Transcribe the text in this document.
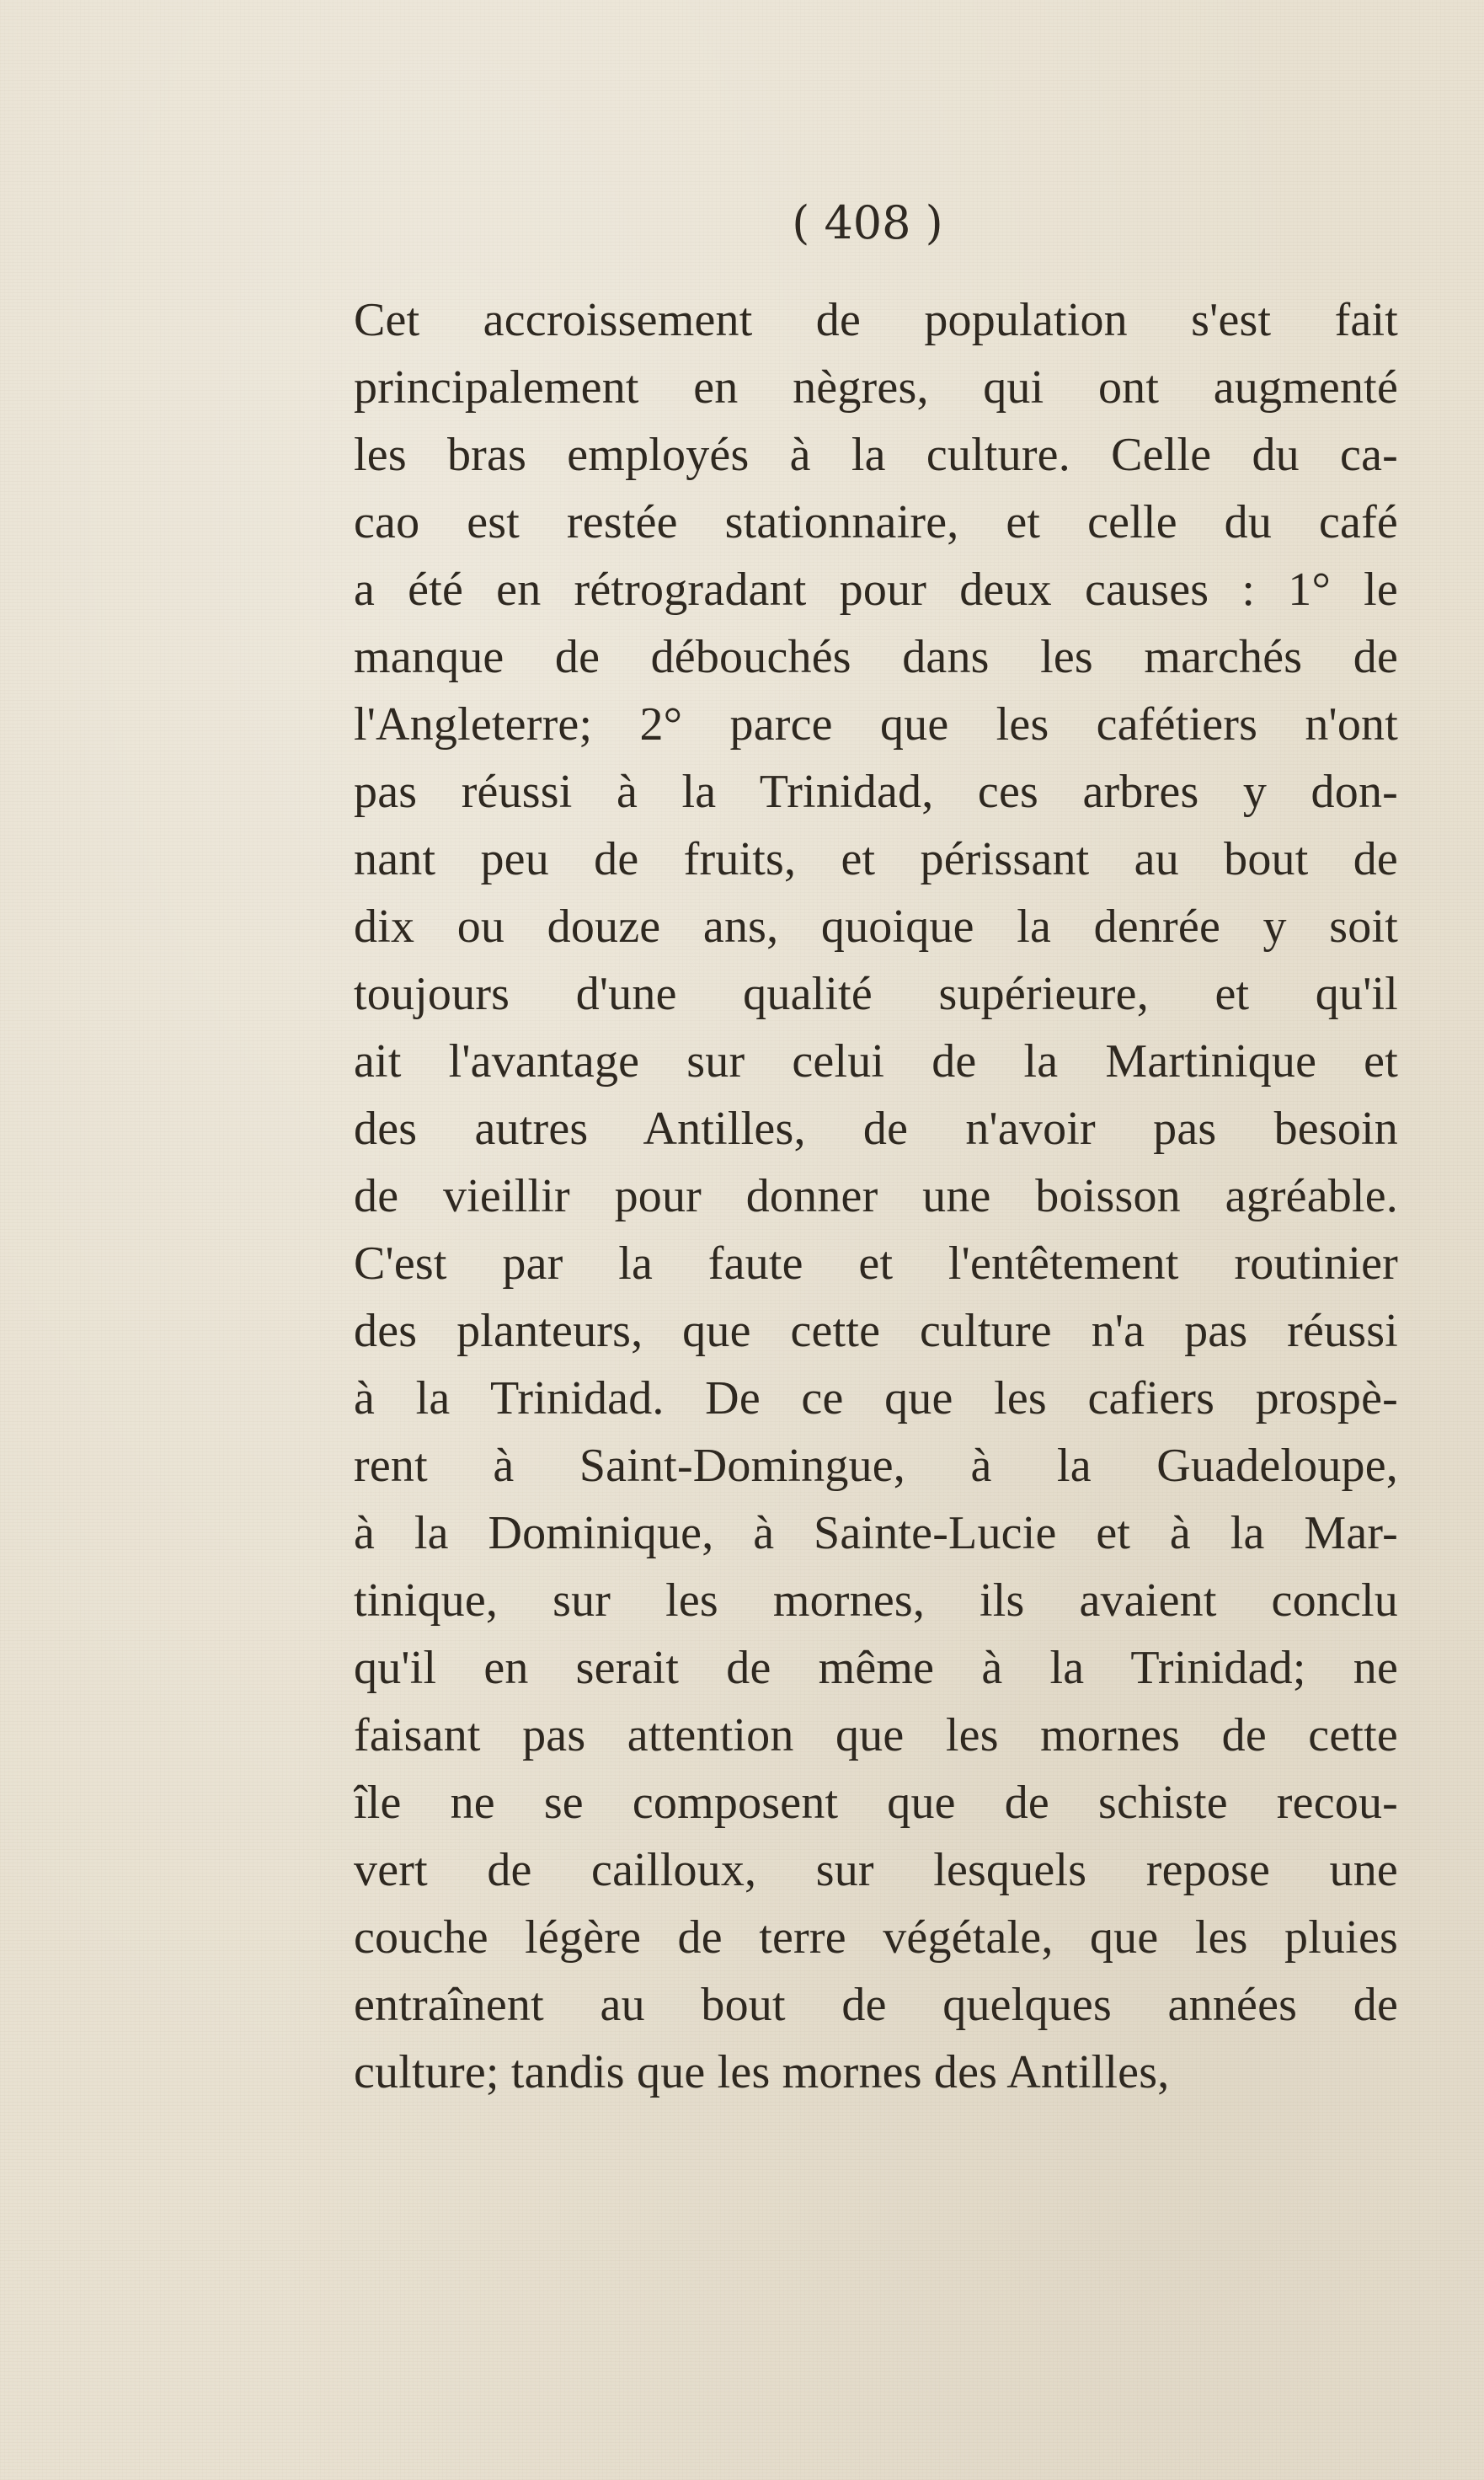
( 408 )
Cet accroissement de population s'est fait
principalement en nègres, qui ont augmenté
les bras employés à la culture. Celle du ca-
cao est restée stationnaire, et celle du café
a été en rétrogradant pour deux causes : 1° le
manque de débouchés dans les marchés de
l'Angleterre; 2° parce que les cafétiers n'ont
pas réussi à la Trinidad, ces arbres y don-
nant peu de fruits, et périssant au bout de
dix ou douze ans, quoique la denrée y soit
toujours d'une qualité supérieure, et qu'il
ait l'avantage sur celui de la Martinique et
des autres Antilles, de n'avoir pas besoin
de vieillir pour donner une boisson agréable.
C'est par la faute et l'entêtement routinier
des planteurs, que cette culture n'a pas réussi
à la Trinidad. De ce que les cafiers prospè-
rent à Saint-Domingue, à la Guadeloupe,
à la Dominique, à Sainte-Lucie et à la Mar-
tinique, sur les mornes, ils avaient conclu
qu'il en serait de même à la Trinidad; ne
faisant pas attention que les mornes de cette
île ne se composent que de schiste recou-
vert de cailloux, sur lesquels repose une
couche légère de terre végétale, que les pluies
entraînent au bout de quelques années de
culture; tandis que les mornes des Antilles,
